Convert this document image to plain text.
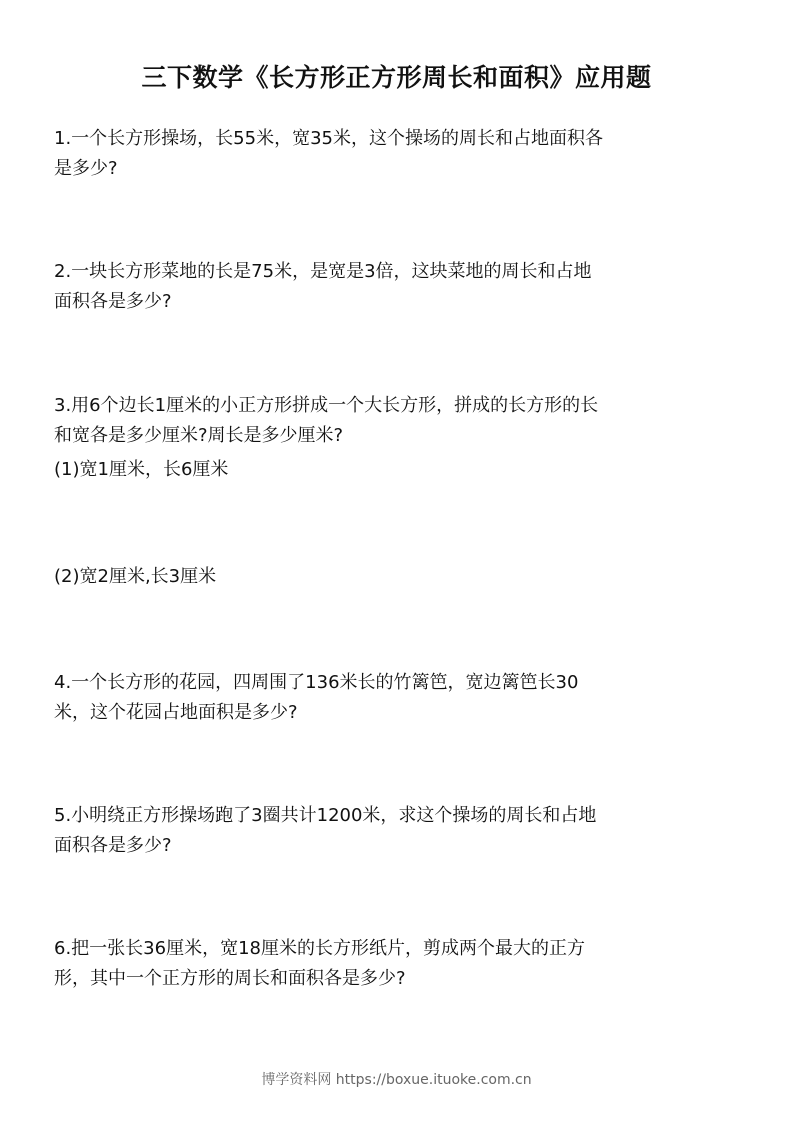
三下数学《长方形正方形周长和面积》应用题
1.一个长方形操场，长55米，宽35米，这个操场的周长和占地面积各
是多少?
2.一块长方形菜地的长是75米，是宽是3倍，这块菜地的周长和占地
面积各是多少?
3.用6个边长1厘米的小正方形拼成一个大长方形，拼成的长方形的长
和宽各是多少厘米?周长是多少厘米?
(1)宽1厘米，长6厘米
(2)宽2厘米,长3厘米
4.一个长方形的花园，四周围了136米长的竹篱笆，宽边篱笆长30
米，这个花园占地面积是多少?
5.小明绕正方形操场跑了3圈共计1200米，求这个操场的周长和占地
面积各是多少?
6.把一张长36厘米，宽18厘米的长方形纸片，剪成两个最大的正方
形，其中一个正方形的周长和面积各是多少?
博学资料网 https://boxue.ituoke.com.cn
